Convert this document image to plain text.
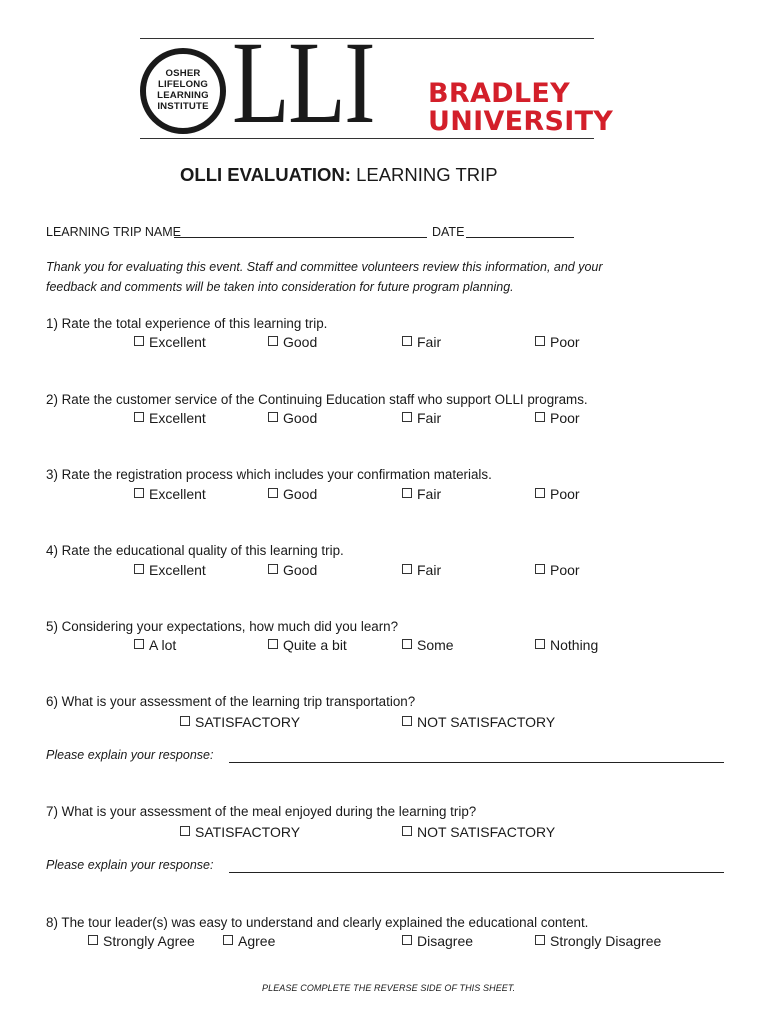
OSHER
LIFELONG
LEARNING
INSTITUTE LLI BRADLEY
UNIVERSITY
OLLI EVALUATION: LEARNING TRIP
LEARNING TRIP NAME	DATE
Thank you for evaluating this event. Staff and committee volunteers review this information, and your
feedback and comments will be taken into consideration for future program planning.
1) Rate the total experience of this learning trip.
Excellent	Good	Fair	Poor
2) Rate the customer service of the Continuing Education staff who support OLLI programs.
Excellent	Good	Fair	Poor
3) Rate the registration process which includes your confirmation materials.
Excellent	Good	Fair	Poor
4) Rate the educational quality of this learning trip.
Excellent	Good	Fair	Poor
5) Considering your expectations, how much did you learn?
A lot	Quite a bit	Some	Nothing
6) What is your assessment of the learning trip transportation?
SATISFACTORY	NOT SATISFACTORY
Please explain your response:
7) What is your assessment of the meal enjoyed during the learning trip?
SATISFACTORY	NOT SATISFACTORY
Please explain your response:
8) The tour leader(s) was easy to understand and clearly explained the educational content.
Strongly Agree	Agree	Disagree	Strongly Disagree
PLEASE COMPLETE THE REVERSE SIDE OF THIS SHEET.
